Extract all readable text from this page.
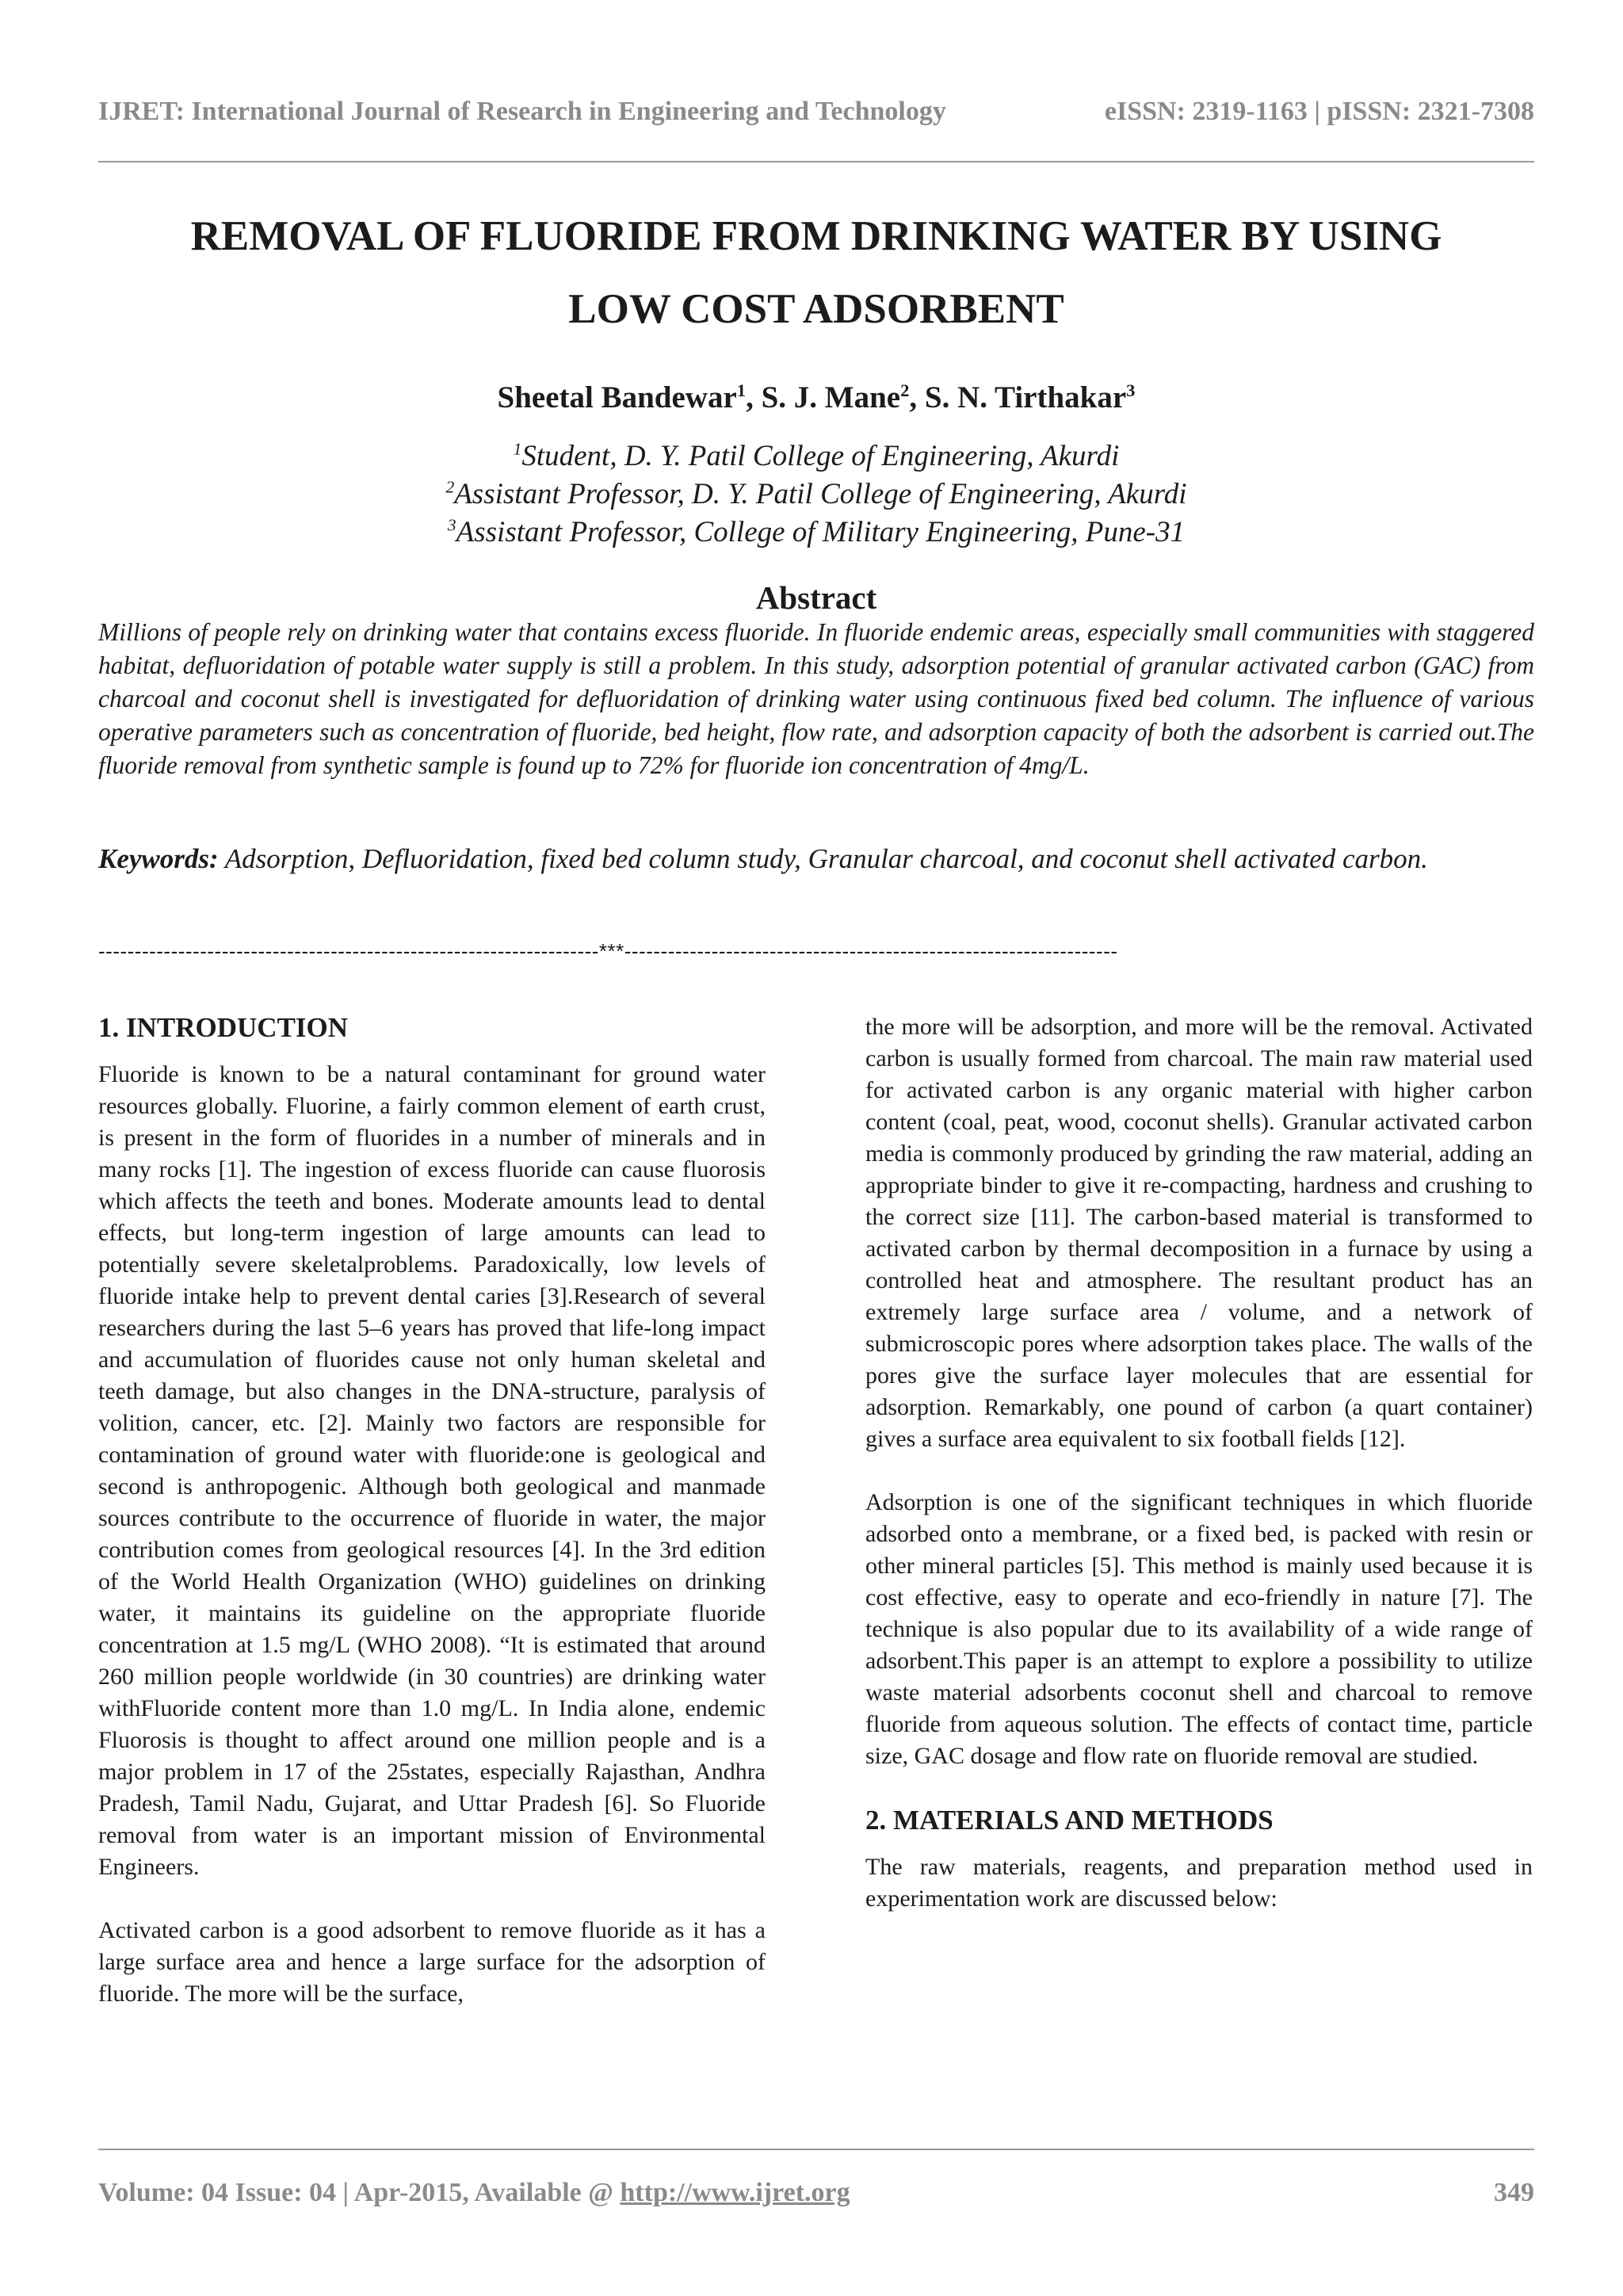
IJRET: International Journal of Research in Engineering and Technology	eISSN: 2319-1163 | pISSN: 2321-7308
REMOVAL OF FLUORIDE FROM DRINKING WATER BY USING
LOW COST ADSORBENT
Sheetal Bandewar$^1$, S. J. Mane$^2$, S. N. Tirthakar$^3$
$^1$Student, D. Y. Patil College of Engineering, Akurdi
$^2$Assistant Professor, D. Y. Patil College of Engineering, Akurdi
$^3$Assistant Professor, College of Military Engineering, Pune-31
Abstract
Millions of people rely on drinking water that contains excess fluoride. In fluoride endemic areas, especially small communities with staggered habitat, defluoridation of potable water supply is still a problem. In this study, adsorption potential of granular activated carbon (GAC) from charcoal and coconut shell is investigated for defluoridation of drinking water using continuous fixed bed column. The influence of various operative parameters such as concentration of fluoride, bed height, flow rate, and adsorption capacity of both the adsorbent is carried out.The fluoride removal from synthetic sample is found up to 72% for fluoride ion concentration of 4mg/L.
Keywords: Adsorption, Defluoridation, fixed bed column study, Granular charcoal, and coconut shell activated carbon.
---------------------------------------------------------------------***--------------------------------------------------------------------
1. INTRODUCTION

Fluoride is known to be a natural contaminant for ground water resources globally. Fluorine, a fairly common element of earth crust, is present in the form of fluorides in a number of minerals and in many rocks [1]. The ingestion of excess fluoride can cause fluorosis which affects the teeth and bones. Moderate amounts lead to dental effects, but long-term ingestion of large amounts can lead to potentially severe skeletalproblems. Paradoxically, low levels of fluoride intake help to prevent dental caries [3].Research of several researchers during the last 5–6 years has proved that life-long impact and accumulation of fluorides cause not only human skeletal and teeth damage, but also changes in the DNA-structure, paralysis of volition, cancer, etc. [2]. Mainly two factors are responsible for contamination of ground water with fluoride:one is geological and second is anthropogenic. Although both geological and manmade sources contribute to the occurrence of fluoride in water, the major contribution comes from geological resources [4]. In the 3rd edition of the World Health Organization (WHO) guidelines on drinking water, it maintains its guideline on the appropriate fluoride concentration at 1.5 mg/L (WHO 2008). “It is estimated that around 260 million people worldwide (in 30 countries) are drinking water withFluoride content more than 1.0 mg/L. In India alone, endemic Fluorosis is thought to affect around one million people and is a major problem in 17 of the 25states, especially Rajasthan, Andhra Pradesh, Tamil Nadu, Gujarat, and Uttar Pradesh [6]. So Fluoride removal from water is an important mission of Environmental Engineers.

Activated carbon is a good adsorbent to remove fluoride as it has a large surface area and hence a large surface for the adsorption of fluoride. The more will be the surface,

the more will be adsorption, and more will be the removal. Activated carbon is usually formed from charcoal. The main raw material used for activated carbon is any organic material with higher carbon content (coal, peat, wood, coconut shells). Granular activated carbon media is commonly produced by grinding the raw material, adding an appropriate binder to give it re-compacting, hardness and crushing to the correct size [11]. The carbon-based material is transformed to activated carbon by thermal decomposition in a furnace by using a controlled heat and atmosphere. The resultant product has an extremely large surface area / volume, and a network of submicroscopic pores where adsorption takes place. The walls of the pores give the surface layer molecules that are essential for adsorption. Remarkably, one pound of carbon (a quart container) gives a surface area equivalent to six football fields [12].

Adsorption is one of the significant techniques in which fluoride adsorbed onto a membrane, or a fixed bed, is packed with resin or other mineral particles [5]. This method is mainly used because it is cost effective, easy to operate and eco-friendly in nature [7]. The technique is also popular due to its availability of a wide range of adsorbent.This paper is an attempt to explore a possibility to utilize waste material adsorbents coconut shell and charcoal to remove fluoride from aqueous solution. The effects of contact time, particle size, GAC dosage and flow rate on fluoride removal are studied.

2. MATERIALS AND METHODS

The raw materials, reagents, and preparation method used in experimentation work are discussed below:

Volume: 04 Issue: 04 | Apr-2015, Available @ http://www.ijret.org	349
